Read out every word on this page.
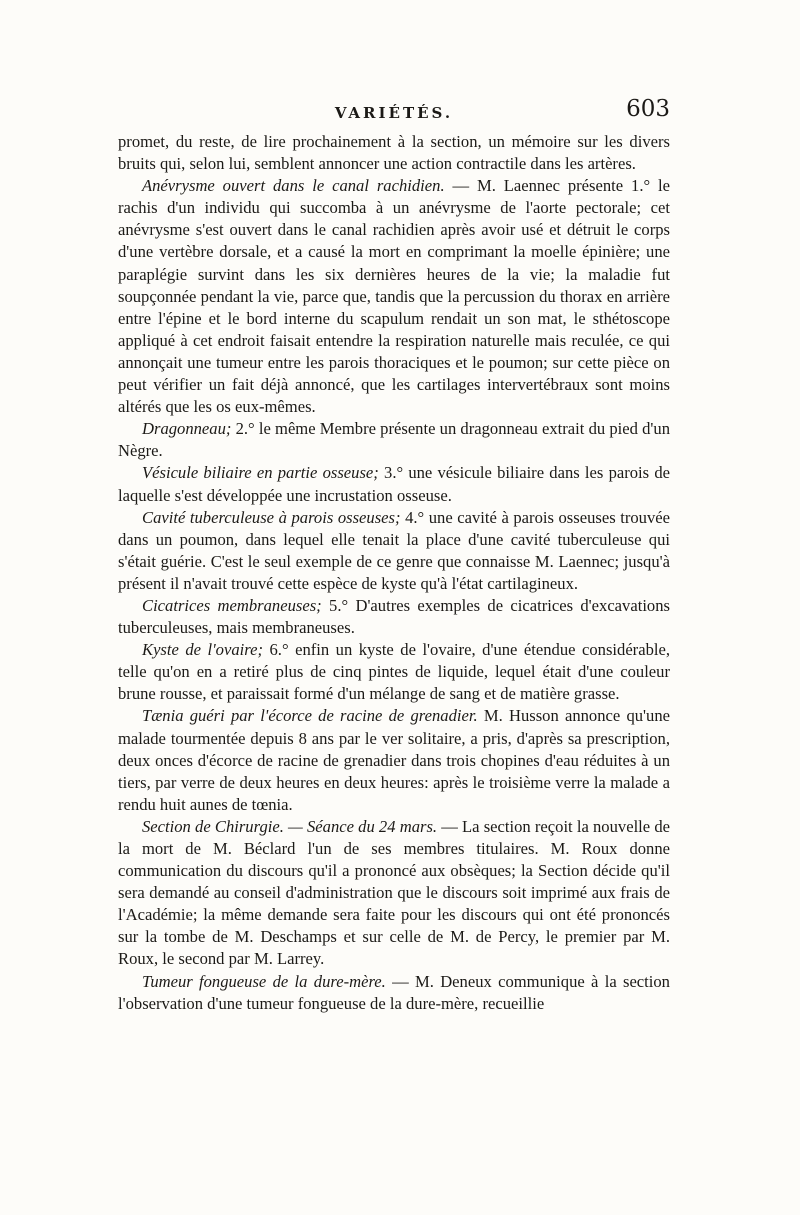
VARIÉTÉS.	603

promet, du reste, de lire prochainement à la section, un mémoire sur les divers bruits qui, selon lui, semblent annoncer une action contractile dans les artères.

Anévrysme ouvert dans le canal rachidien. — M. Laennec présente 1.° le rachis d'un individu qui succomba à un anévrysme de l'aorte pectorale; cet anévrysme s'est ouvert dans le canal rachidien après avoir usé et détruit le corps d'une vertèbre dorsale, et a causé la mort en comprimant la moelle épinière; une paraplégie survint dans les six dernières heures de la vie; la maladie fut soupçonnée pendant la vie, parce que, tandis que la percussion du thorax en arrière entre l'épine et le bord interne du scapulum rendait un son mat, le sthétoscope appliqué à cet endroit faisait entendre la respiration naturelle mais reculée, ce qui annonçait une tumeur entre les parois thoraciques et le poumon; sur cette pièce on peut vérifier un fait déjà annoncé, que les cartilages intervertébraux sont moins altérés que les os eux-mêmes.

Dragonneau; 2.° le même Membre présente un dragonneau extrait du pied d'un Nègre.

Vésicule biliaire en partie osseuse; 3.° une vésicule biliaire dans les parois de laquelle s'est développée une incrustation osseuse.

Cavité tuberculeuse à parois osseuses; 4.° une cavité à parois osseuses trouvée dans un poumon, dans lequel elle tenait la place d'une cavité tuberculeuse qui s'était guérie. C'est le seul exemple de ce genre que connaisse M. Laennec; jusqu'à présent il n'avait trouvé cette espèce de kyste qu'à l'état cartilagineux.

Cicatrices membraneuses; 5.° D'autres exemples de cicatrices d'excavations tuberculeuses, mais membraneuses.

Kyste de l'ovaire; 6.° enfin un kyste de l'ovaire, d'une étendue considérable, telle qu'on en a retiré plus de cinq pintes de liquide, lequel était d'une couleur brune rousse, et paraissait formé d'un mélange de sang et de matière grasse.

Tænia guéri par l'écorce de racine de grenadier. M. Husson annonce qu'une malade tourmentée depuis 8 ans par le ver solitaire, a pris, d'après sa prescription, deux onces d'écorce de racine de grenadier dans trois chopines d'eau réduites à un tiers, par verre de deux heures en deux heures: après le troisième verre la malade a rendu huit aunes de tœnia.

Section de Chirurgie. — Séance du 24 mars. — La section reçoit la nouvelle de la mort de M. Béclard l'un de ses membres titulaires. M. Roux donne communication du discours qu'il a prononcé aux obsèques; la Section décide qu'il sera demandé au conseil d'administration que le discours soit imprimé aux frais de l'Académie; la même demande sera faite pour les discours qui ont été prononcés sur la tombe de M. Deschamps et sur celle de M. de Percy, le premier par M. Roux, le second par M. Larrey.

Tumeur fongueuse de la dure-mère. — M. Deneux communique à la section l'observation d'une tumeur fongueuse de la dure-mère, recueillie
